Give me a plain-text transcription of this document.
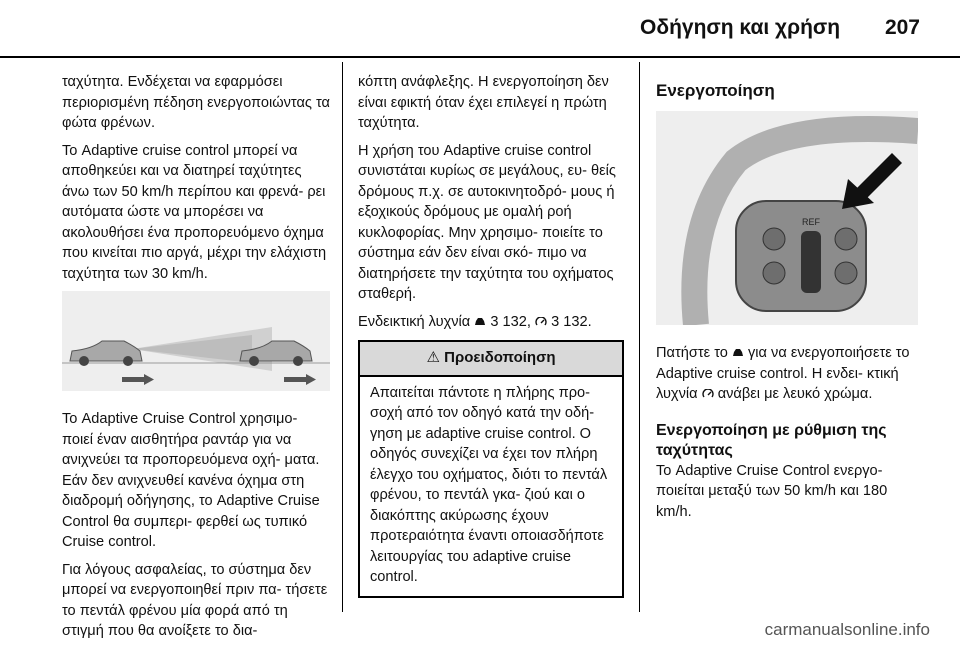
Οδήγηση και χρήση 207

ταχύτητα. Ενδέχεται να εφαρμόσει περιορισμένη πέδηση ενεργοποιώντας τα φώτα φρένων.

Το Adaptive cruise control μπορεί να αποθηκεύει και να διατηρεί ταχύτητες άνω των 50 km/h περίπου και φρενά‐ ρει αυτόματα ώστε να μπορέσει να ακολουθήσει ένα προπορευόμενο όχημα που κινείται πιο αργά, μέχρι την ελάχιστη ταχύτητα των 30 km/h.

Το Adaptive Cruise Control χρησιμο‐ ποιεί έναν αισθητήρα ραντάρ για να ανιχνεύει τα προπορευόμενα οχή‐ ματα. Εάν δεν ανιχνευθεί κανένα όχημα στη διαδρομή οδήγησης, το Adaptive Cruise Control θα συμπερι‐ φερθεί ως τυπικό Cruise control.

Για λόγους ασφαλείας, το σύστημα δεν μπορεί να ενεργοποιηθεί πριν πα‐ τήσετε το πεντάλ φρένου μία φορά από τη στιγμή που θα ανοίξετε το δια‐

κόπτη ανάφλεξης. Η ενεργοποίηση δεν είναι εφικτή όταν έχει επιλεγεί η πρώτη ταχύτητα.

Η χρήση του Adaptive cruise control συνιστάται κυρίως σε μεγάλους, ευ‐ θείς δρόμους π.χ. σε αυτοκινητοδρό‐ μους ή εξοχικούς δρόμους με ομαλή ροή κυκλοφορίας. Μην χρησιμο‐ ποιείτε το σύστημα εάν δεν είναι σκό‐ πιμο να διατηρήσετε την ταχύτητα του οχήματος σταθερή.

Ενδεικτική λυχνία 3 132, 3 132.

⚠ Προειδοποίηση
Απαιτείται πάντοτε η πλήρης προ‐ σοχή από τον οδηγό κατά την οδή‐ γηση με adaptive cruise control. Ο οδηγός συνεχίζει να έχει τον πλήρη έλεγχο του οχήματος, διότι το πεντάλ φρένου, το πεντάλ γκα‐ ζιού και ο διακόπτης ακύρωσης έχουν προτεραιότητα έναντι οποιασδήποτε λειτουργίας του adaptive cruise control.
Ενεργοποίηση
REF

Πατήστε το για να ενεργοποιήσετε το Adaptive cruise control. Η ενδει‐ κτική λυχνία ανάβει με λευκό χρώμα.

Ενεργοποίηση με ρύθμιση της ταχύτητας

Το Adaptive Cruise Control ενεργο‐ ποιείται μεταξύ των 50 km/h και 180 km/h.

carmanualsonline.info
